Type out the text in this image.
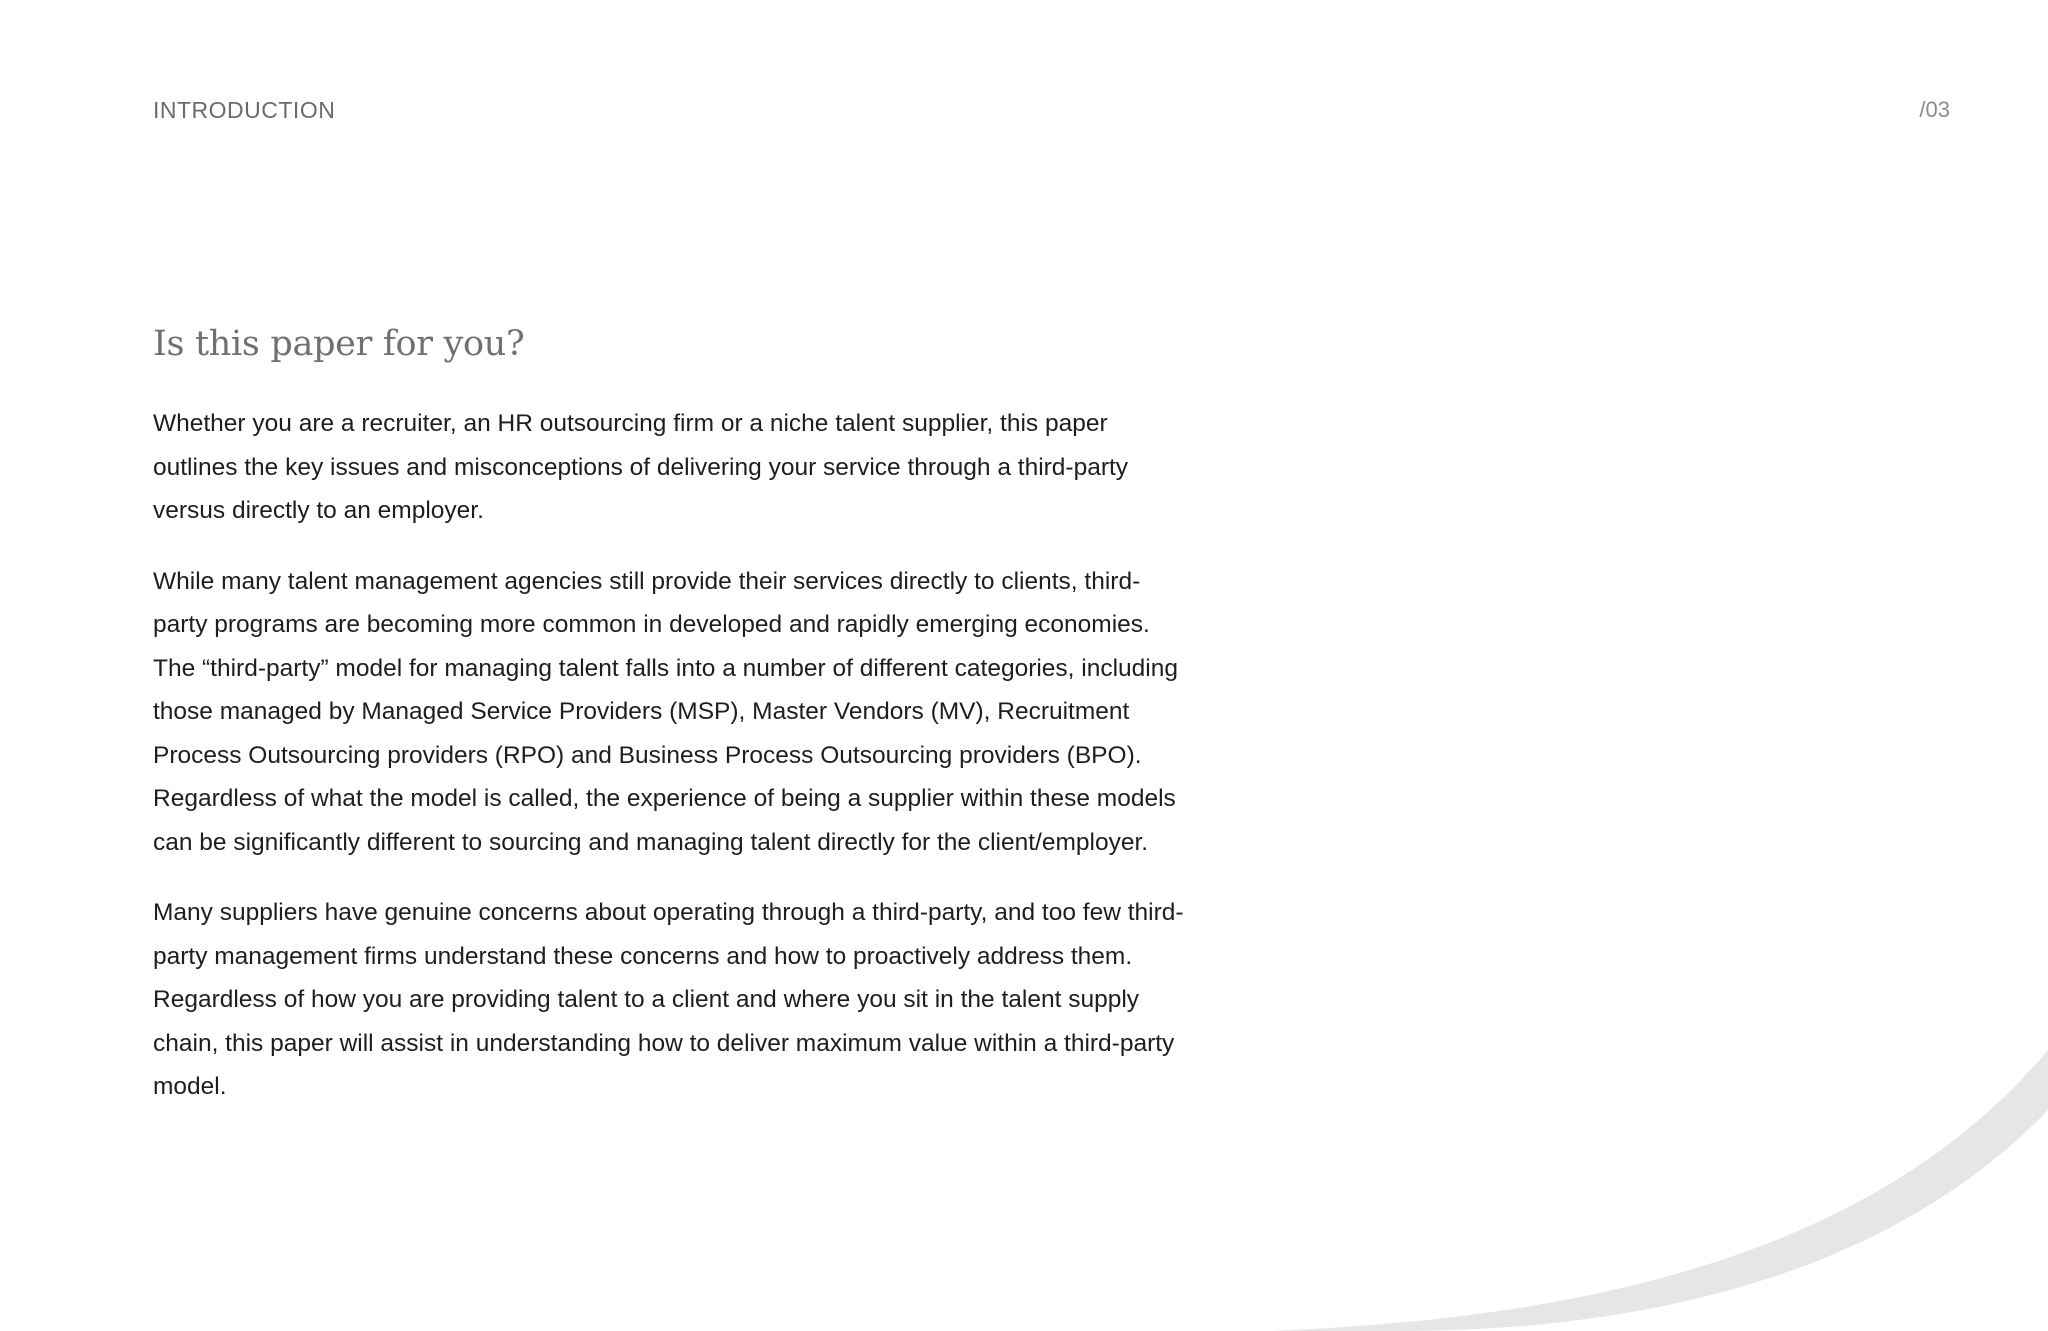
INTRODUCTION	/03
Is this paper for you?

Whether you are a recruiter, an HR outsourcing firm or a niche talent supplier, this paper outlines the key issues and misconceptions of delivering your service through a third-party versus directly to an employer.

While many talent management agencies still provide their services directly to clients, third-party programs are becoming more common in developed and rapidly emerging economies. The “third-party” model for managing talent falls into a number of different categories, including those managed by Managed Service Providers (MSP), Master Vendors (MV), Recruitment Process Outsourcing providers (RPO) and Business Process Outsourcing providers (BPO). Regardless of what the model is called, the experience of being a supplier within these models can be significantly different to sourcing and managing talent directly for the client/employer.

Many suppliers have genuine concerns about operating through a third-party, and too few third-party management firms understand these concerns and how to proactively address them. Regardless of how you are providing talent to a client and where you sit in the talent supply chain, this paper will assist in understanding how to deliver maximum value within a third-party model.
